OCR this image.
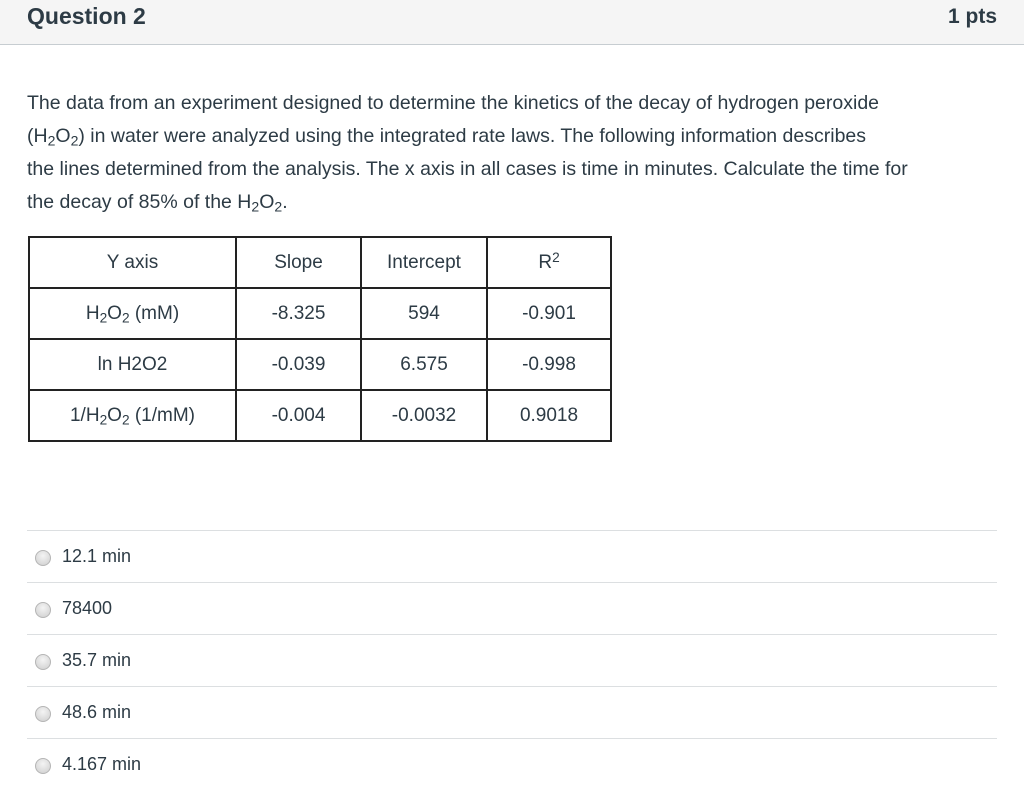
Question 2	1 pts
The data from an experiment designed to determine the kinetics of the decay of hydrogen peroxide
$(H_2O_2)$ in water were analyzed using the integrated rate laws. The following information describes
the lines determined from the analysis. The x axis in all cases is time in minutes. Calculate the time for
the decay of 85% of the $H_2O_2$.
Y axis	Slope	Intercept	$R^2$
$H_2O_2$ (mM)	-8.325	594	-0.901
ln H2O2	-0.039	6.575	-0.998
$1/H_2O_2$ (1/mM)	-0.004	-0.0032	0.9018
12.1 min
78400
35.7 min
48.6 min
4.167 min
